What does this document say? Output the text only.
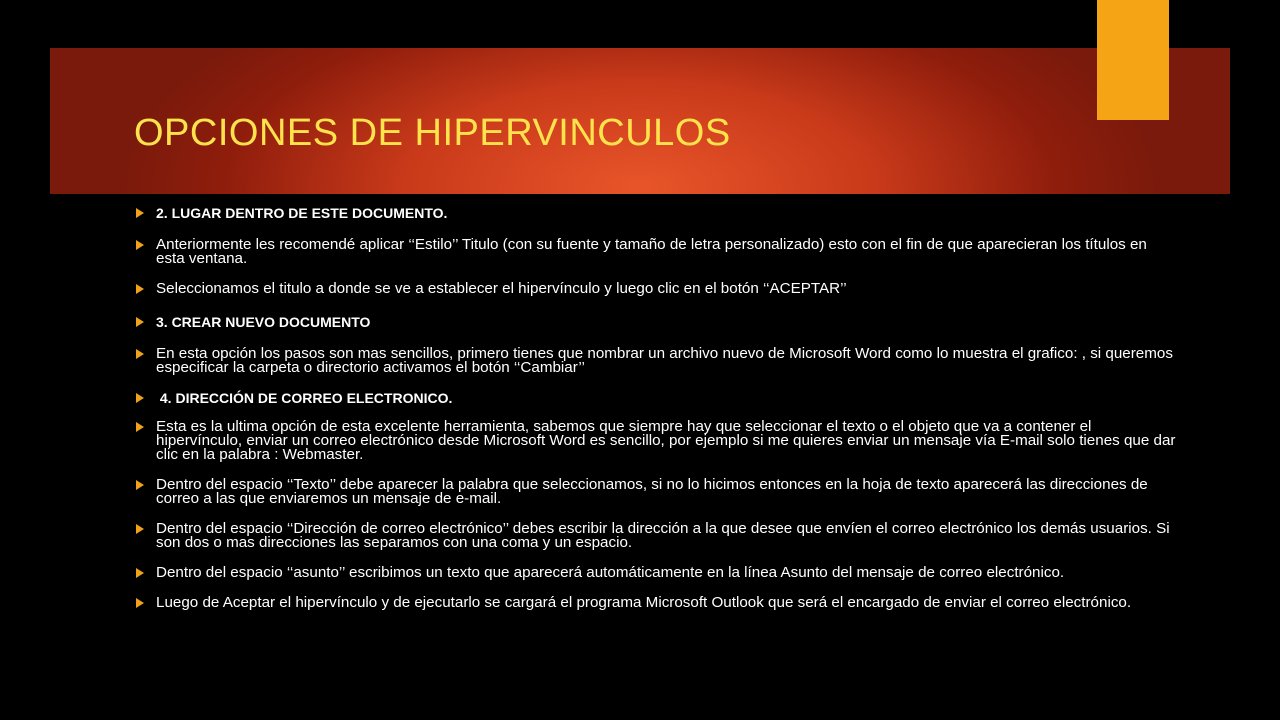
OPCIONES DE HIPERVINCULOS
2. LUGAR DENTRO DE ESTE DOCUMENTO.
Anteriormente les recomendé aplicar ‘‘Estilo’’ Titulo (con su fuente y tamaño de letra personalizado) esto con el fin de que aparecieran los títulos en esta ventana.
Seleccionamos el titulo a donde se ve a establecer el hipervínculo y luego clic en el botón ‘‘ACEPTAR’’
3. CREAR NUEVO DOCUMENTO
En esta opción los pasos son mas sencillos, primero tienes que nombrar un archivo nuevo de Microsoft Word como lo muestra el grafico: , si queremos especificar la carpeta o directorio activamos el botón ‘‘Cambiar’’
4. DIRECCIÓN DE CORREO ELECTRONICO.
Esta es la ultima opción de esta excelente herramienta, sabemos que siempre hay que seleccionar el texto o el objeto que va a contener el hipervínculo, enviar un correo electrónico desde Microsoft Word es sencillo, por ejemplo si me quieres enviar un mensaje vía E-mail solo tienes que dar clic en la palabra : Webmaster.
Dentro del espacio ‘‘Texto’’ debe aparecer la palabra que seleccionamos, si no lo hicimos entonces en la hoja de texto aparecerá las direcciones de correo a las que enviaremos un mensaje de e-mail.
Dentro del espacio ‘‘Dirección de correo electrónico’’ debes escribir la dirección a la que desee que envíen el correo electrónico los demás usuarios. Si son dos o mas direcciones las separamos con una coma y un espacio.
Dentro del espacio ‘‘asunto’’ escribimos un texto que aparecerá automáticamente en la línea Asunto del mensaje de correo electrónico.
Luego de Aceptar el hipervínculo y de ejecutarlo se cargará el programa Microsoft Outlook que será el encargado de enviar el correo electrónico.
